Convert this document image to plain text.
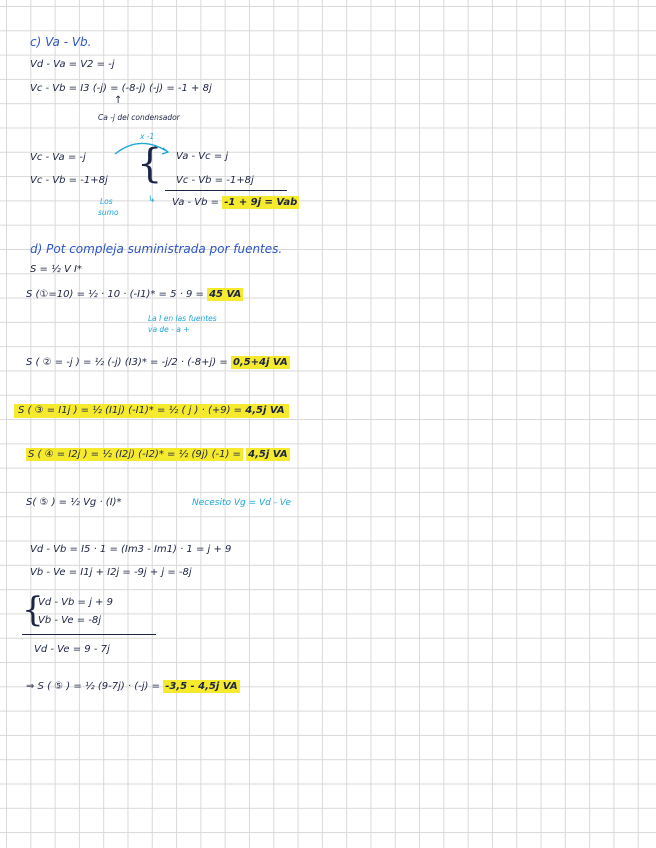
c) Va - Vb.
Vd - Va = V2 = -j
Vc - Vb = I3 (-j) = (-8-j) (-j) = -1 + 8j
↑
Ca -j del condensador
Vc - Va = -j
Vc - Vb = -1+8j {
x -1
Los
sumo
↳
Va - Vc = j
Vc - Vb = -1+8j
Va - Vb = -1 + 9j = Vab
d) Pot compleja suministrada por fuentes.
S = ½ V I*
S (①=10) = ½ · 10 · (-I1)* = 5 · 9 = 45 VA
La I en las fuentes
va de - a +
S ( ② = -j ) = ½ (-j) (I3)* = -j/2 · (-8+j) = 0,5+4j VA
S ( ③ = I1j ) = ½ (I1j) (-I1)* = ½ ( j ) · (+9) = 4,5j VA
S ( ④ = I2j ) = ½ (I2j) (-I2)* = ½ (9j) (-1) = 4,5j VA
S( ⑤ ) = ½ Vg · (I)*	Necesito Vg = Vd - Ve
Vd - Vb = I5 · 1 = (Im3 - Im1) · 1 = j + 9
Vb - Ve = I1j + I2j = -9j + j = -8j
{
Vd - Vb = j + 9
Vb - Ve = -8j
Vd - Ve = 9 - 7j
⇒ S ( ⑤ ) = ½ (9-7j) · (-j) = -3,5 - 4,5j VA
